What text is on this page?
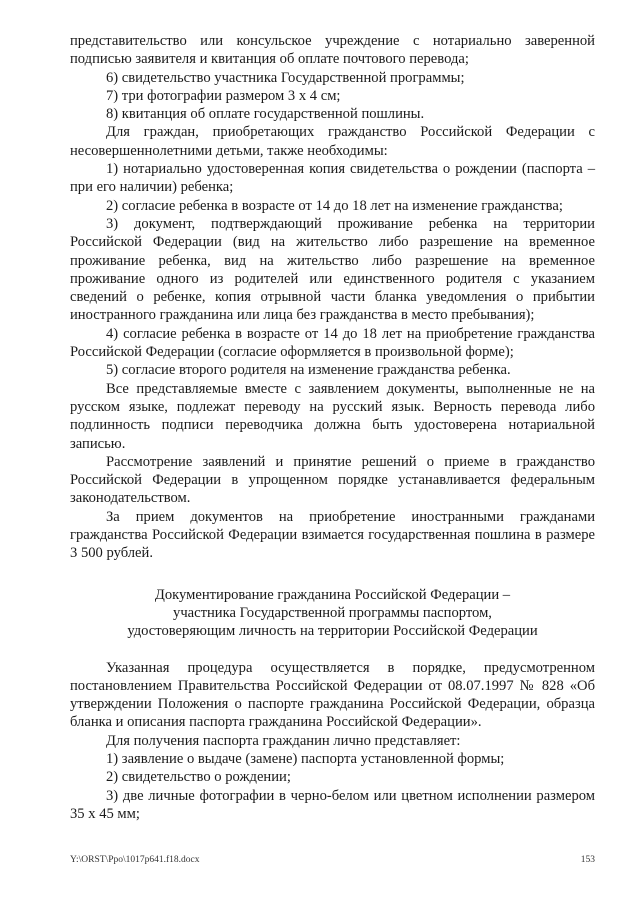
представительство или консульское учреждение с нотариально заверенной подписью заявителя и квитанция об оплате почтового перевода;

6) свидетельство участника Государственной программы;

7) три фотографии размером 3 х 4 см;

8) квитанция об оплате государственной пошлины.

Для граждан, приобретающих гражданство Российской Федерации с несовершеннолетними детьми, также необходимы:

1) нотариально удостоверенная копия свидетельства о рождении (паспорта – при его наличии) ребенка;

2) согласие ребенка в возрасте от 14 до 18 лет на изменение гражданства;

3) документ, подтверждающий проживание ребенка на территории Российской Федерации (вид на жительство либо разрешение на временное проживание ребенка, вид на жительство либо разрешение на временное проживание одного из родителей или единственного родителя с указанием сведений о ребенке, копия отрывной части бланка уведомления о прибытии иностранного гражданина или лица без гражданства в место пребывания);

4) согласие ребенка в возрасте от 14 до 18 лет на приобретение гражданства Российской Федерации (согласие оформляется в произвольной форме);

5) согласие второго родителя на изменение гражданства ребенка.

Все представляемые вместе с заявлением документы, выполненные не на русском языке, подлежат переводу на русский язык. Верность перевода либо подлинность подписи переводчика должна быть удостоверена нотариальной записью.

Рассмотрение заявлений и принятие решений о приеме в гражданство Российской Федерации в упрощенном порядке устанавливается федеральным законодательством.

За прием документов на приобретение иностранными гражданами гражданства Российской Федерации взимается государственная пошлина в размере 3 500 рублей.

Документирование гражданина Российской Федерации –
участника Государственной программы паспортом,
удостоверяющим личность на территории Российской Федерации

Указанная процедура осуществляется в порядке, предусмотренном постановлением Правительства Российской Федерации от 08.07.1997 № 828 «Об утверждении Положения о паспорте гражданина Российской Федерации, образца бланка и описания паспорта гражданина Российской Федерации».

Для получения паспорта гражданин лично представляет:

1) заявление о выдаче (замене) паспорта установленной формы;

2) свидетельство о рождении;

3) две личные фотографии в черно-белом или цветном исполнении размером 35 х 45 мм;

Y:\ORST\Ppo\1017p641.f18.docx	153
